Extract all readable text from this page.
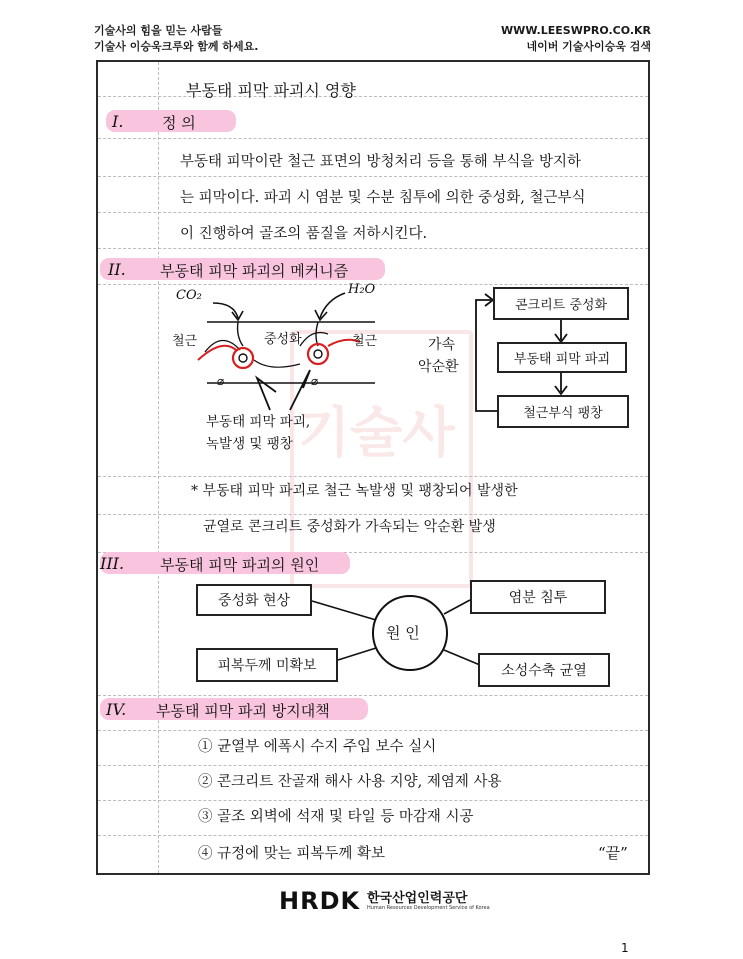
기술사의 힘을 믿는 사람들
기술사 이승욱크루와 함께 하세요.
WWW.LEESWPRO.CO.KR
네이버 기술사이승욱 검색
기술사
부동태 피막 파괴시 영향
I.	정 의
부동태 피막이란 철근 표면의 방청처리 등을 통해 부식을 방지하
는 피막이다. 파괴 시 염분 및 수분 침투에 의한 중성화, 철근부식
이 진행하여 골조의 품질을 저하시킨다.
II. 부동태 피막 파괴의 메커니즘
⌀	⌀
CO₂	H₂O
철근	중성화	철근
부동태 피막 파괴,
녹발생 및 팽창
가속
악순환
콘크리트 중성화
부동태 피막 파괴
철근부식 팽창
* 부동태 피막 파괴로 철근 녹발생 및 팽창되어 발생한
균열로 콘크리트 중성화가 가속되는 악순환 발생
III. 부동태 피막 파괴의 원인
원 인
중성화 현상	염분 침투
피복두께 미확보	소성수축 균열
IV. 부동태 피막 파괴 방지대책
① 균열부 에폭시 수지 주입 보수 실시
② 콘크리트 잔골재 해사 사용 지양, 제염제 사용
③ 골조 외벽에 석재 및 타일 등 마감재 시공
④ 규정에 맞는 피복두께 확보	“끝”
HRDK 한국산업인력공단
Human Resources Development Service of Korea
1
